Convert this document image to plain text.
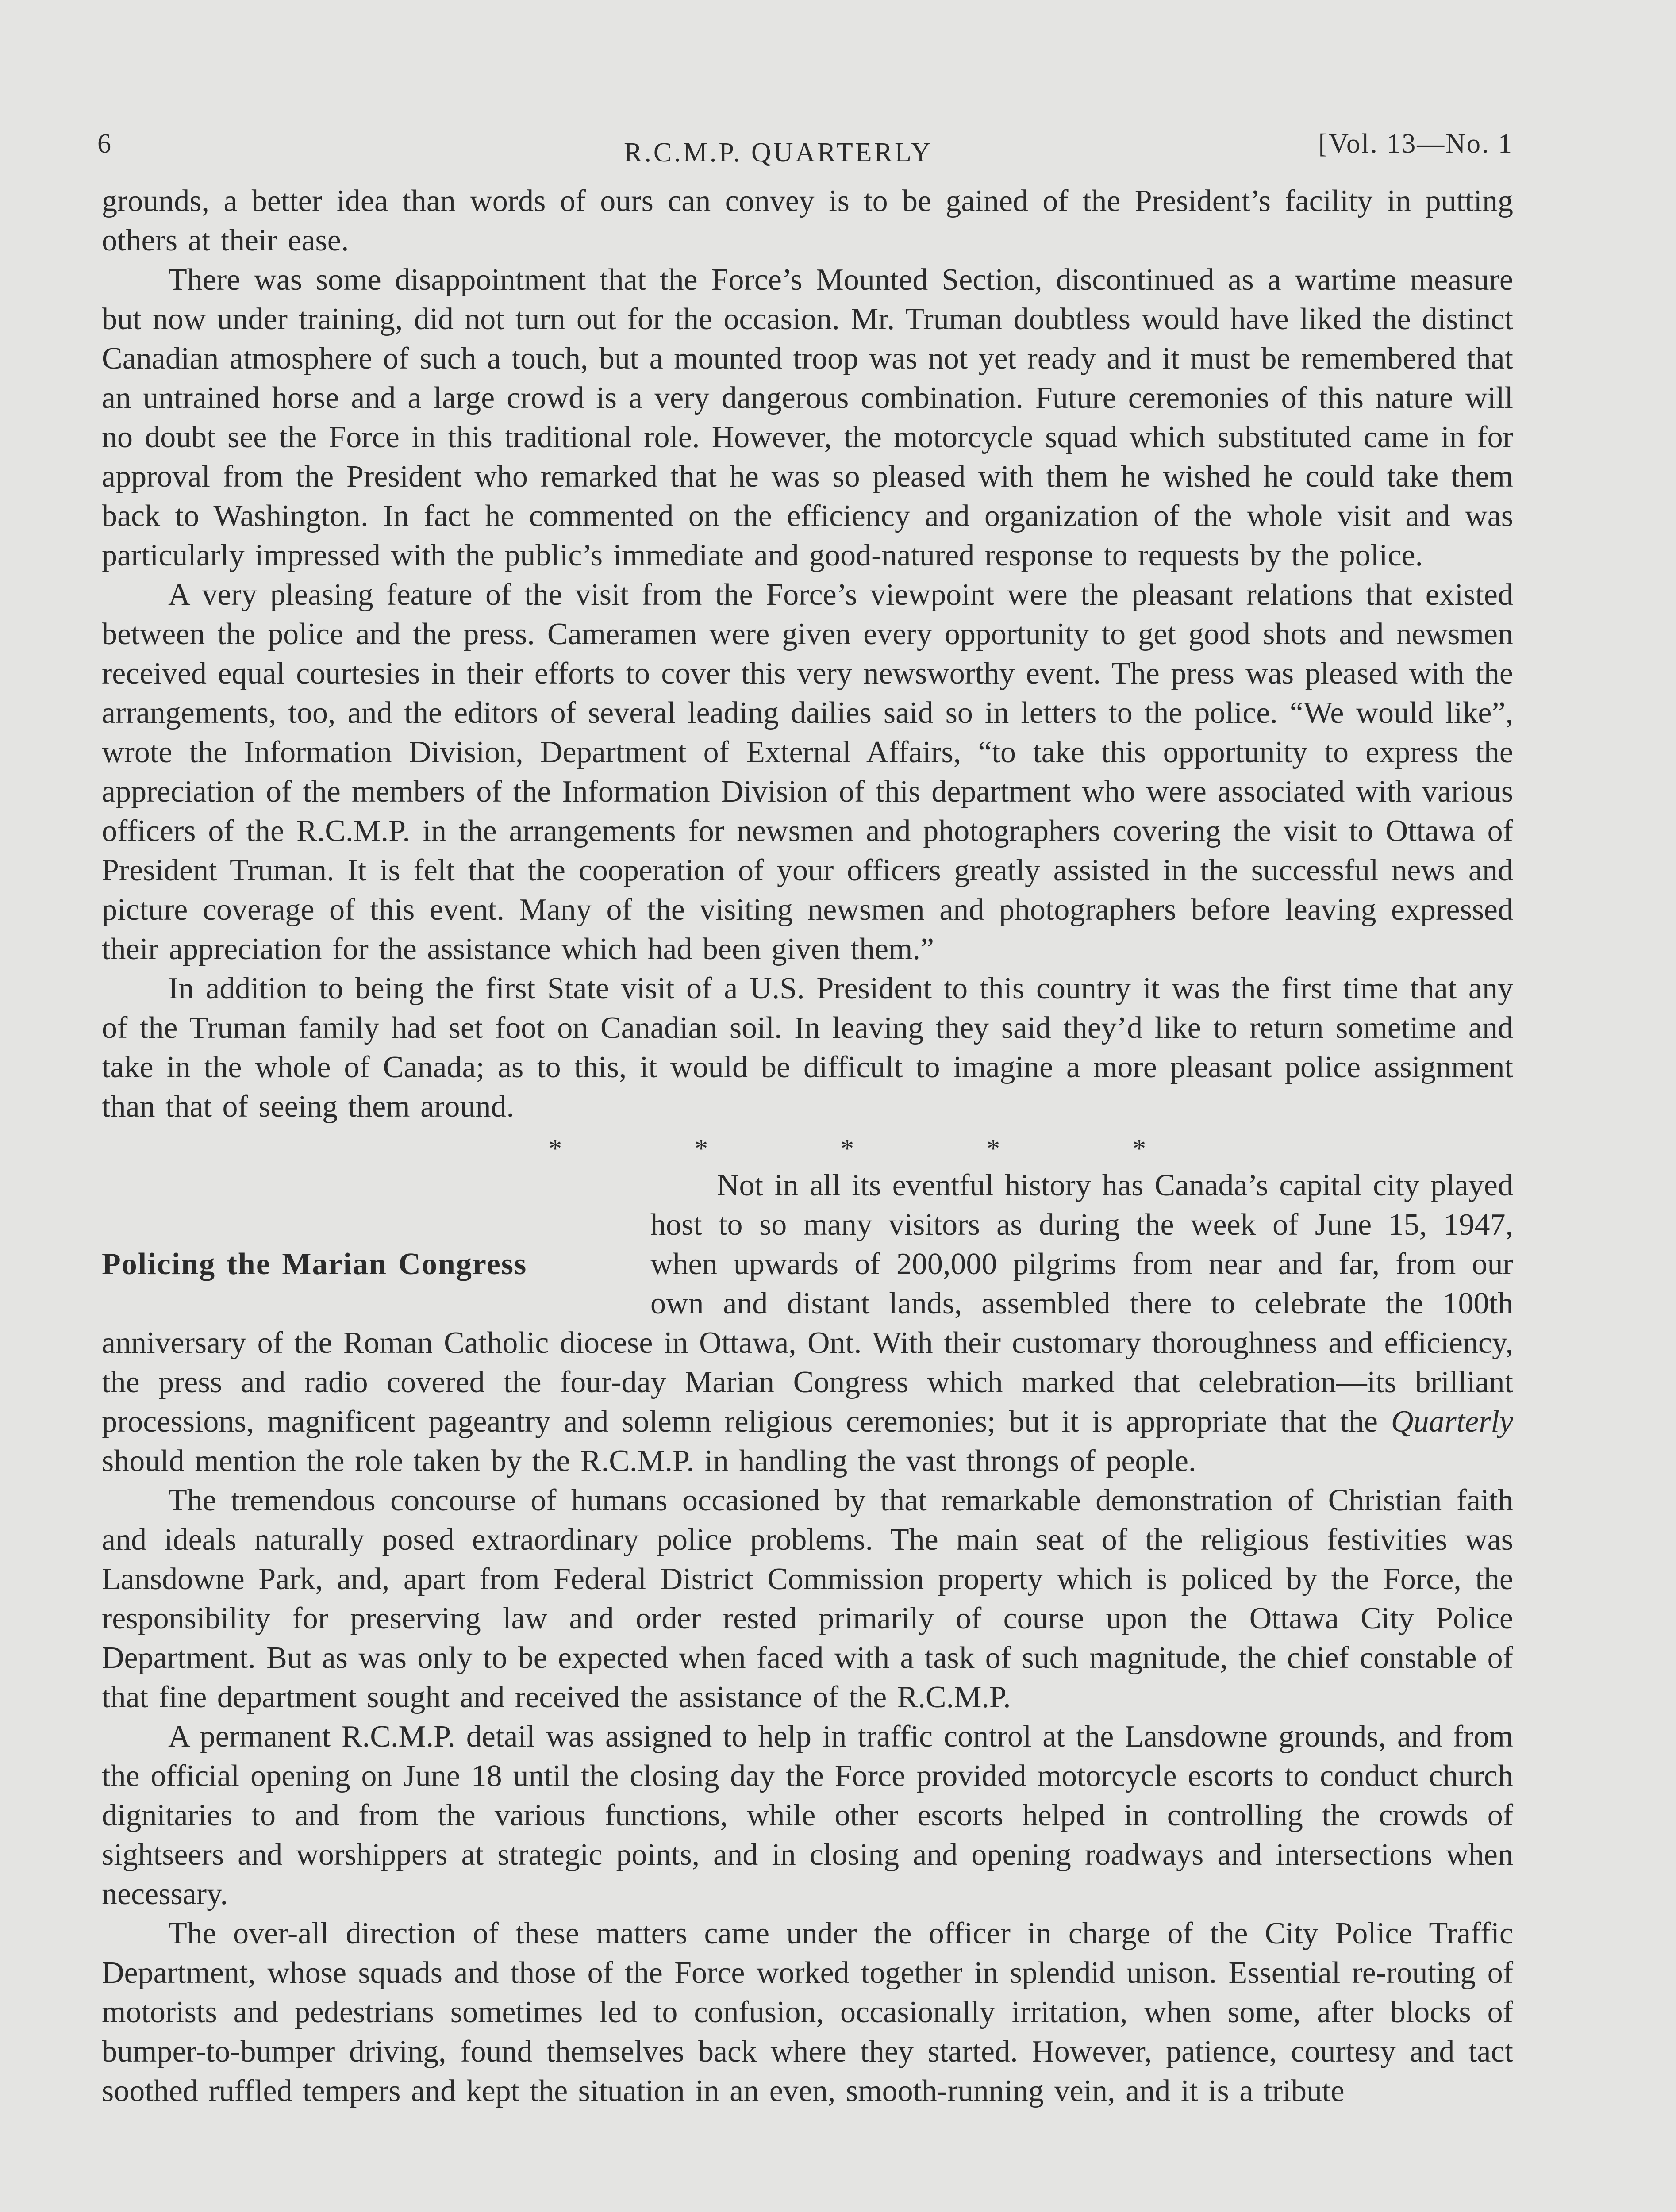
6	R.C.M.P. QUARTERLY	[Vol. 13—No. 1

grounds, a better idea than words of ours can convey is to be gained of the President’s facility in putting others at their ease.

There was some disappointment that the Force’s Mounted Section, discontinued as a wartime measure but now under training, did not turn out for the occasion. Mr. Truman doubtless would have liked the distinct Canadian atmosphere of such a touch, but a mounted troop was not yet ready and it must be remembered that an untrained horse and a large crowd is a very dangerous combination. Future ceremonies of this nature will no doubt see the Force in this traditional role. However, the motorcycle squad which substituted came in for approval from the President who remarked that he was so pleased with them he wished he could take them back to Washington. In fact he commented on the efficiency and organization of the whole visit and was particularly impressed with the public’s immediate and good-natured response to requests by the police.

A very pleasing feature of the visit from the Force’s viewpoint were the pleasant relations that existed between the police and the press. Cameramen were given every opportunity to get good shots and newsmen received equal courtesies in their efforts to cover this very newsworthy event. The press was pleased with the arrangements, too, and the editors of several leading dailies said so in letters to the police. “We would like”, wrote the Information Division, Department of External Affairs, “to take this opportunity to express the appreciation of the members of the Information Division of this department who were associated with various officers of the R.C.M.P. in the arrangements for newsmen and photographers covering the visit to Ottawa of President Truman. It is felt that the cooperation of your officers greatly assisted in the successful news and picture coverage of this event. Many of the visiting newsmen and photographers before leaving expressed their appreciation for the assistance which had been given them.”

In addition to being the first State visit of a U.S. President to this country it was the first time that any of the Truman family had set foot on Canadian soil. In leaving they said they’d like to return sometime and take in the whole of Canada; as to this, it would be difficult to imagine a more pleasant police assignment than that of seeing them around.

*	*	*	*	*
Policing the Marian Congress

Not in all its eventful history has Canada’s capital city played host to so many visitors as during the week of June 15, 1947, when upwards of 200,000 pilgrims from near and far, from our own and distant lands, assembled there to celebrate the 100th anniversary of the Roman Catholic diocese in Ottawa, Ont. With their customary thoroughness and efficiency, the press and radio covered the four-day Marian Congress which marked that celebration—its brilliant processions, magnificent pageantry and solemn religious ceremonies; but it is appropriate that the Quarterly should mention the role taken by the R.C.M.P. in handling the vast throngs of people.

The tremendous concourse of humans occasioned by that remarkable demonstration of Christian faith and ideals naturally posed extraordinary police problems. The main seat of the religious festivities was Lansdowne Park, and, apart from Federal District Commission property which is policed by the Force, the responsibility for preserving law and order rested primarily of course upon the Ottawa City Police Department. But as was only to be expected when faced with a task of such magnitude, the chief constable of that fine department sought and received the assistance of the R.C.M.P.

A permanent R.C.M.P. detail was assigned to help in traffic control at the Lansdowne grounds, and from the official opening on June 18 until the closing day the Force provided motorcycle escorts to conduct church dignitaries to and from the various functions, while other escorts helped in controlling the crowds of sightseers and worshippers at strategic points, and in closing and opening roadways and intersections when necessary.

The over-all direction of these matters came under the officer in charge of the City Police Traffic Department, whose squads and those of the Force worked together in splendid unison. Essential re-routing of motorists and pedestrians sometimes led to confusion, occasionally irritation, when some, after blocks of bumper-to-bumper driving, found themselves back where they started. However, patience, courtesy and tact soothed ruffled tempers and kept the situation in an even, smooth-running vein, and it is a tribute
